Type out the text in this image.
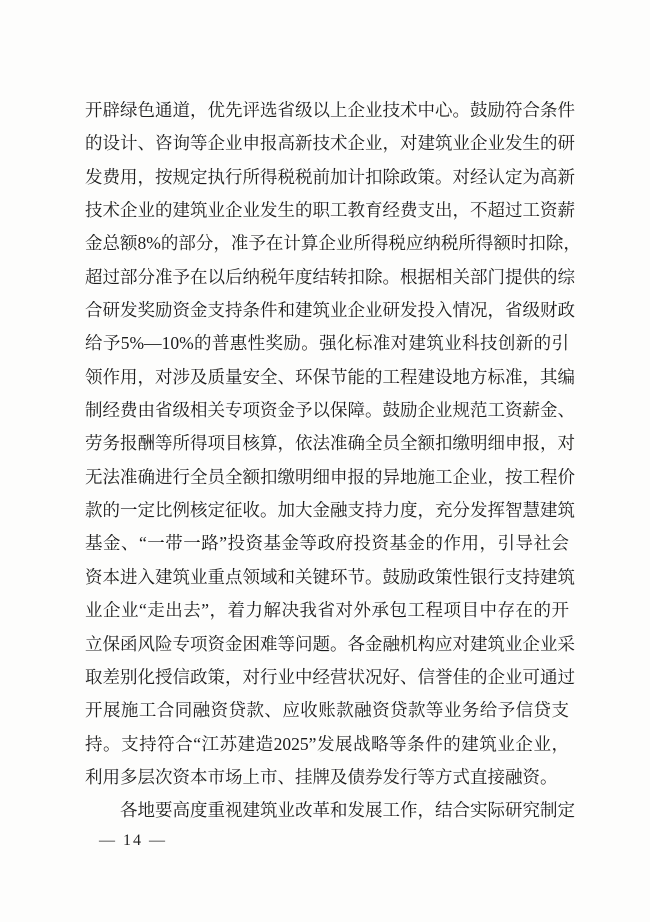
开辟绿色通道，优先评选省级以上企业技术中心。鼓励符合条件
的设计、咨询等企业申报高新技术企业，对建筑业企业发生的研
发费用，按规定执行所得税税前加计扣除政策。对经认定为高新
技术企业的建筑业企业发生的职工教育经费支出，不超过工资薪
金总额8%的部分，准予在计算企业所得税应纳税所得额时扣除，
超过部分准予在以后纳税年度结转扣除。根据相关部门提供的综
合研发奖励资金支持条件和建筑业企业研发投入情况，省级财政
给予5%—10%的普惠性奖励。强化标准对建筑业科技创新的引
领作用，对涉及质量安全、环保节能的工程建设地方标准，其编
制经费由省级相关专项资金予以保障。鼓励企业规范工资薪金、
劳务报酬等所得项目核算，依法准确全员全额扣缴明细申报，对
无法准确进行全员全额扣缴明细申报的异地施工企业，按工程价
款的一定比例核定征收。加大金融支持力度，充分发挥智慧建筑
基金、“一带一路”投资基金等政府投资基金的作用，引导社会
资本进入建筑业重点领域和关键环节。鼓励政策性银行支持建筑
业企业“走出去”，着力解决我省对外承包工程项目中存在的开
立保函风险专项资金困难等问题。各金融机构应对建筑业企业采
取差别化授信政策，对行业中经营状况好、信誉佳的企业可通过
开展施工合同融资贷款、应收账款融资贷款等业务给予信贷支
持。支持符合“江苏建造2025”发展战略等条件的建筑业企业，
利用多层次资本市场上市、挂牌及债券发行等方式直接融资。
各地要高度重视建筑业改革和发展工作，结合实际研究制定
— 14 —
